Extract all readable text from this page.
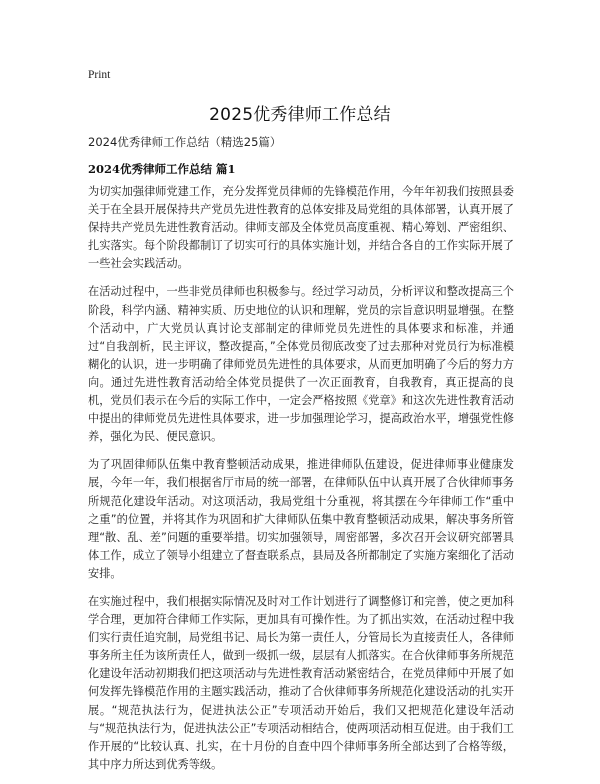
Print
2025优秀律师工作总结

2024优秀律师工作总结（精选25篇）

2024优秀律师工作总结 篇1

为切实加强律师党建工作，充分发挥党员律师的先锋模范作用，今年年初我们按照县委关于在全县开展保持共产党员先进性教育的总体安排及局党组的具体部署，认真开展了保持共产党员先进性教育活动。律师支部及全体党员高度重视、精心筹划、严密组织、扎实落实。每个阶段都制订了切实可行的具体实施计划，并结合各自的工作实际开展了一些社会实践活动。

在活动过程中，一些非党员律师也积极参与。经过学习动员，分析评议和整改提高三个阶段，科学内涵、精神实质、历史地位的认识和理解，党员的宗旨意识明显增强。在整个活动中，广大党员认真讨论支部制定的律师党员先进性的具体要求和标准，并通过“自我剖析，民主评议，整改提高，”全体党员彻底改变了过去那种对党员行为标准模糊化的认识，进一步明确了律师党员先进性的具体要求，从而更加明确了今后的努力方向。通过先进性教育活动给全体党员提供了一次正面教育，自我教育，真正提高的良机，党员们表示在今后的实际工作中，一定会严格按照《党章》和这次先进性教育活动中提出的律师党员先进性具体要求，进一步加强理论学习，提高政治水平，增强党性修养，强化为民、便民意识。

为了巩固律师队伍集中教育整顿活动成果，推进律师队伍建设，促进律师事业健康发展，今年一年，我们根据省厅市局的统一部署，在律师队伍中认真开展了合伙律师事务所规范化建设年活动。对这项活动，我局党组十分重视，将其摆在今年律师工作“重中之重”的位置，并将其作为巩固和扩大律师队伍集中教育整顿活动成果，解决事务所管理“散、乱、差”问题的重要举措。切实加强领导，周密部署，多次召开会议研究部署具体工作，成立了领导小组建立了督查联系点，县局及各所都制定了实施方案细化了活动安排。

在实施过程中，我们根据实际情况及时对工作计划进行了调整修订和完善，使之更加科学合理，更加符合律师工作实际，更加具有可操作性。为了抓出实效，在活动过程中我们实行责任追究制，局党组书记、局长为第一责任人，分管局长为直接责任人，各律师事务所主任为该所责任人，做到一级抓一级，层层有人抓落实。在合伙律师事务所规范化建设年活动初期我们把这项活动与先进性教育活动紧密结合，在党员律师中开展了如何发挥先锋模范作用的主题实践活动，推动了合伙律师事务所规范化建设活动的扎实开展。“规范执法行为，促进执法公正”专项活动开始后，我们又把规范化建设年活动与“规范执法行为，促进执法公正”专项活动相结合，使两项活动相互促进。由于我们工作开展的“比较认真、扎实，在十月份的自查中四个律师事务所全部达到了合格等级，其中序力所达到优秀等级。
